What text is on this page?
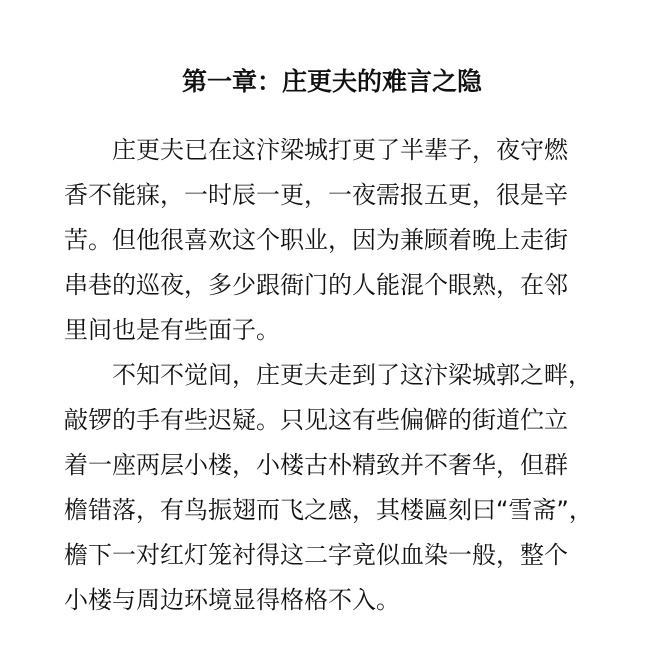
第一章：庄更夫的难言之隐
庄更夫已在这汴梁城打更了半辈子，夜守燃
香不能寐，一时辰一更，一夜需报五更，很是辛
苦。但他很喜欢这个职业，因为兼顾着晚上走街
串巷的巡夜，多少跟衙门的人能混个眼熟，在邻
里间也是有些面子。
不知不觉间，庄更夫走到了这汴梁城郭之畔，
敲锣的手有些迟疑。只见这有些偏僻的街道伫立
着一座两层小楼，小楼古朴精致并不奢华，但群
檐错落，有鸟振翅而飞之感，其楼匾刻曰“雪斋”，
檐下一对红灯笼衬得这二字竟似血染一般，整个
小楼与周边环境显得格格不入。
